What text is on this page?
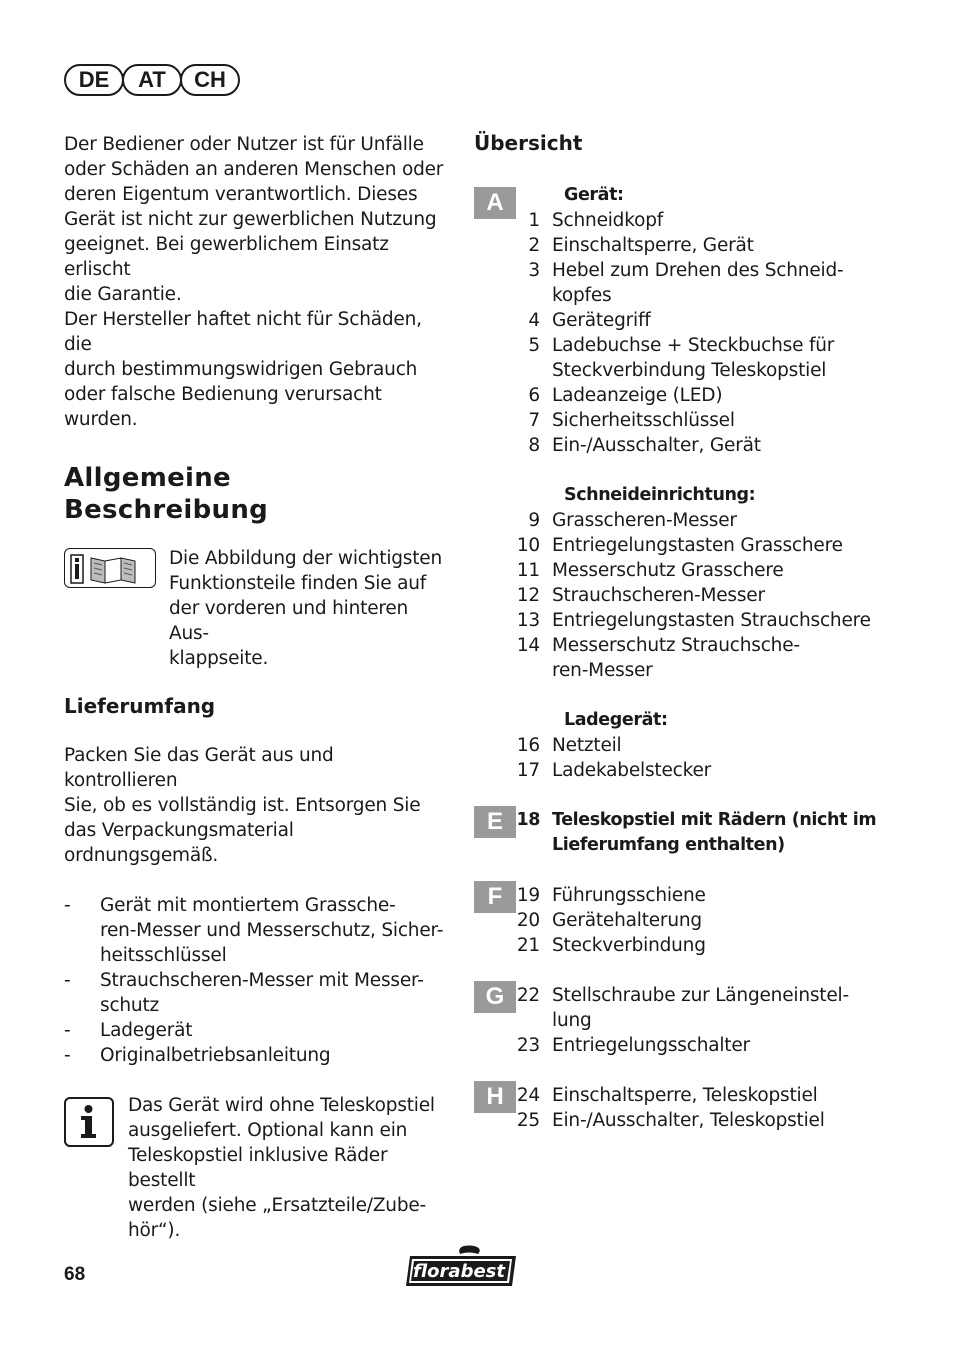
DE	AT	CH

Der Bediener oder Nutzer ist für Unfälle
oder Schäden an anderen Menschen oder
deren Eigentum verantwortlich. Dieses
Gerät ist nicht zur gewerblichen Nutzung
geeignet. Bei gewerblichem Einsatz erlischt
die Garantie.
Der Hersteller haftet nicht für Schäden, die
durch bestimmungswidrigen Gebrauch
oder falsche Bedienung verursacht wurden.

Allgemeine
Beschreibung
Die Abbildung der wichtigsten
Funktionsteile finden Sie auf
der vorderen und hinteren Aus-
klappseite.
Lieferumfang

Packen Sie das Gerät aus und kontrollieren
Sie, ob es vollständig ist. Entsorgen Sie
das Verpackungsmaterial ordnungsgemäß.

- Gerät mit montiertem Grassche-
ren-Messer und Messerschutz, Sicher-
heitsschlüssel
- Strauchscheren-Messer mit Messer-
schutz
- Ladegerät
- Originalbetriebsanleitung
Das Gerät wird ohne Teleskopstiel
ausgeliefert. Optional kann ein
Teleskopstiel inklusive Räder bestellt
werden (siehe „Ersatzteile/Zube-
hör“).
Übersicht
A	Gerät:
1 Schneidkopf
2 Einschaltsperre, Gerät
3 Hebel zum Drehen des Schneid-
kopfes
4 Gerätegriff
5 Ladebuchse + Steckbuchse für
Steckverbindung Teleskopstiel
6 Ladeanzeige (LED)
7 Sicherheitsschlüssel
8 Ein-/Ausschalter, Gerät
Schneideinrichtung:
9 Grasscheren-Messer
10 Entriegelungstasten Grasschere
11 Messerschutz Grasschere
12 Strauchscheren-Messer
13 Entriegelungstasten Strauchschere
14 Messerschutz Strauchsche-
ren-Messer
Ladegerät:
16 Netzteil
17 Ladekabelstecker
E 18 Teleskopstiel mit Rädern (nicht im
Lieferumfang enthalten)
F 19 Führungsschiene
20 Gerätehalterung
21 Steckverbindung
G 22 Stellschraube zur Längeneinstel-
lung
23 Entriegelungsschalter
H 24 Einschaltsperre, Teleskopstiel
25 Ein-/Ausschalter, Teleskopstiel
68	florabest
